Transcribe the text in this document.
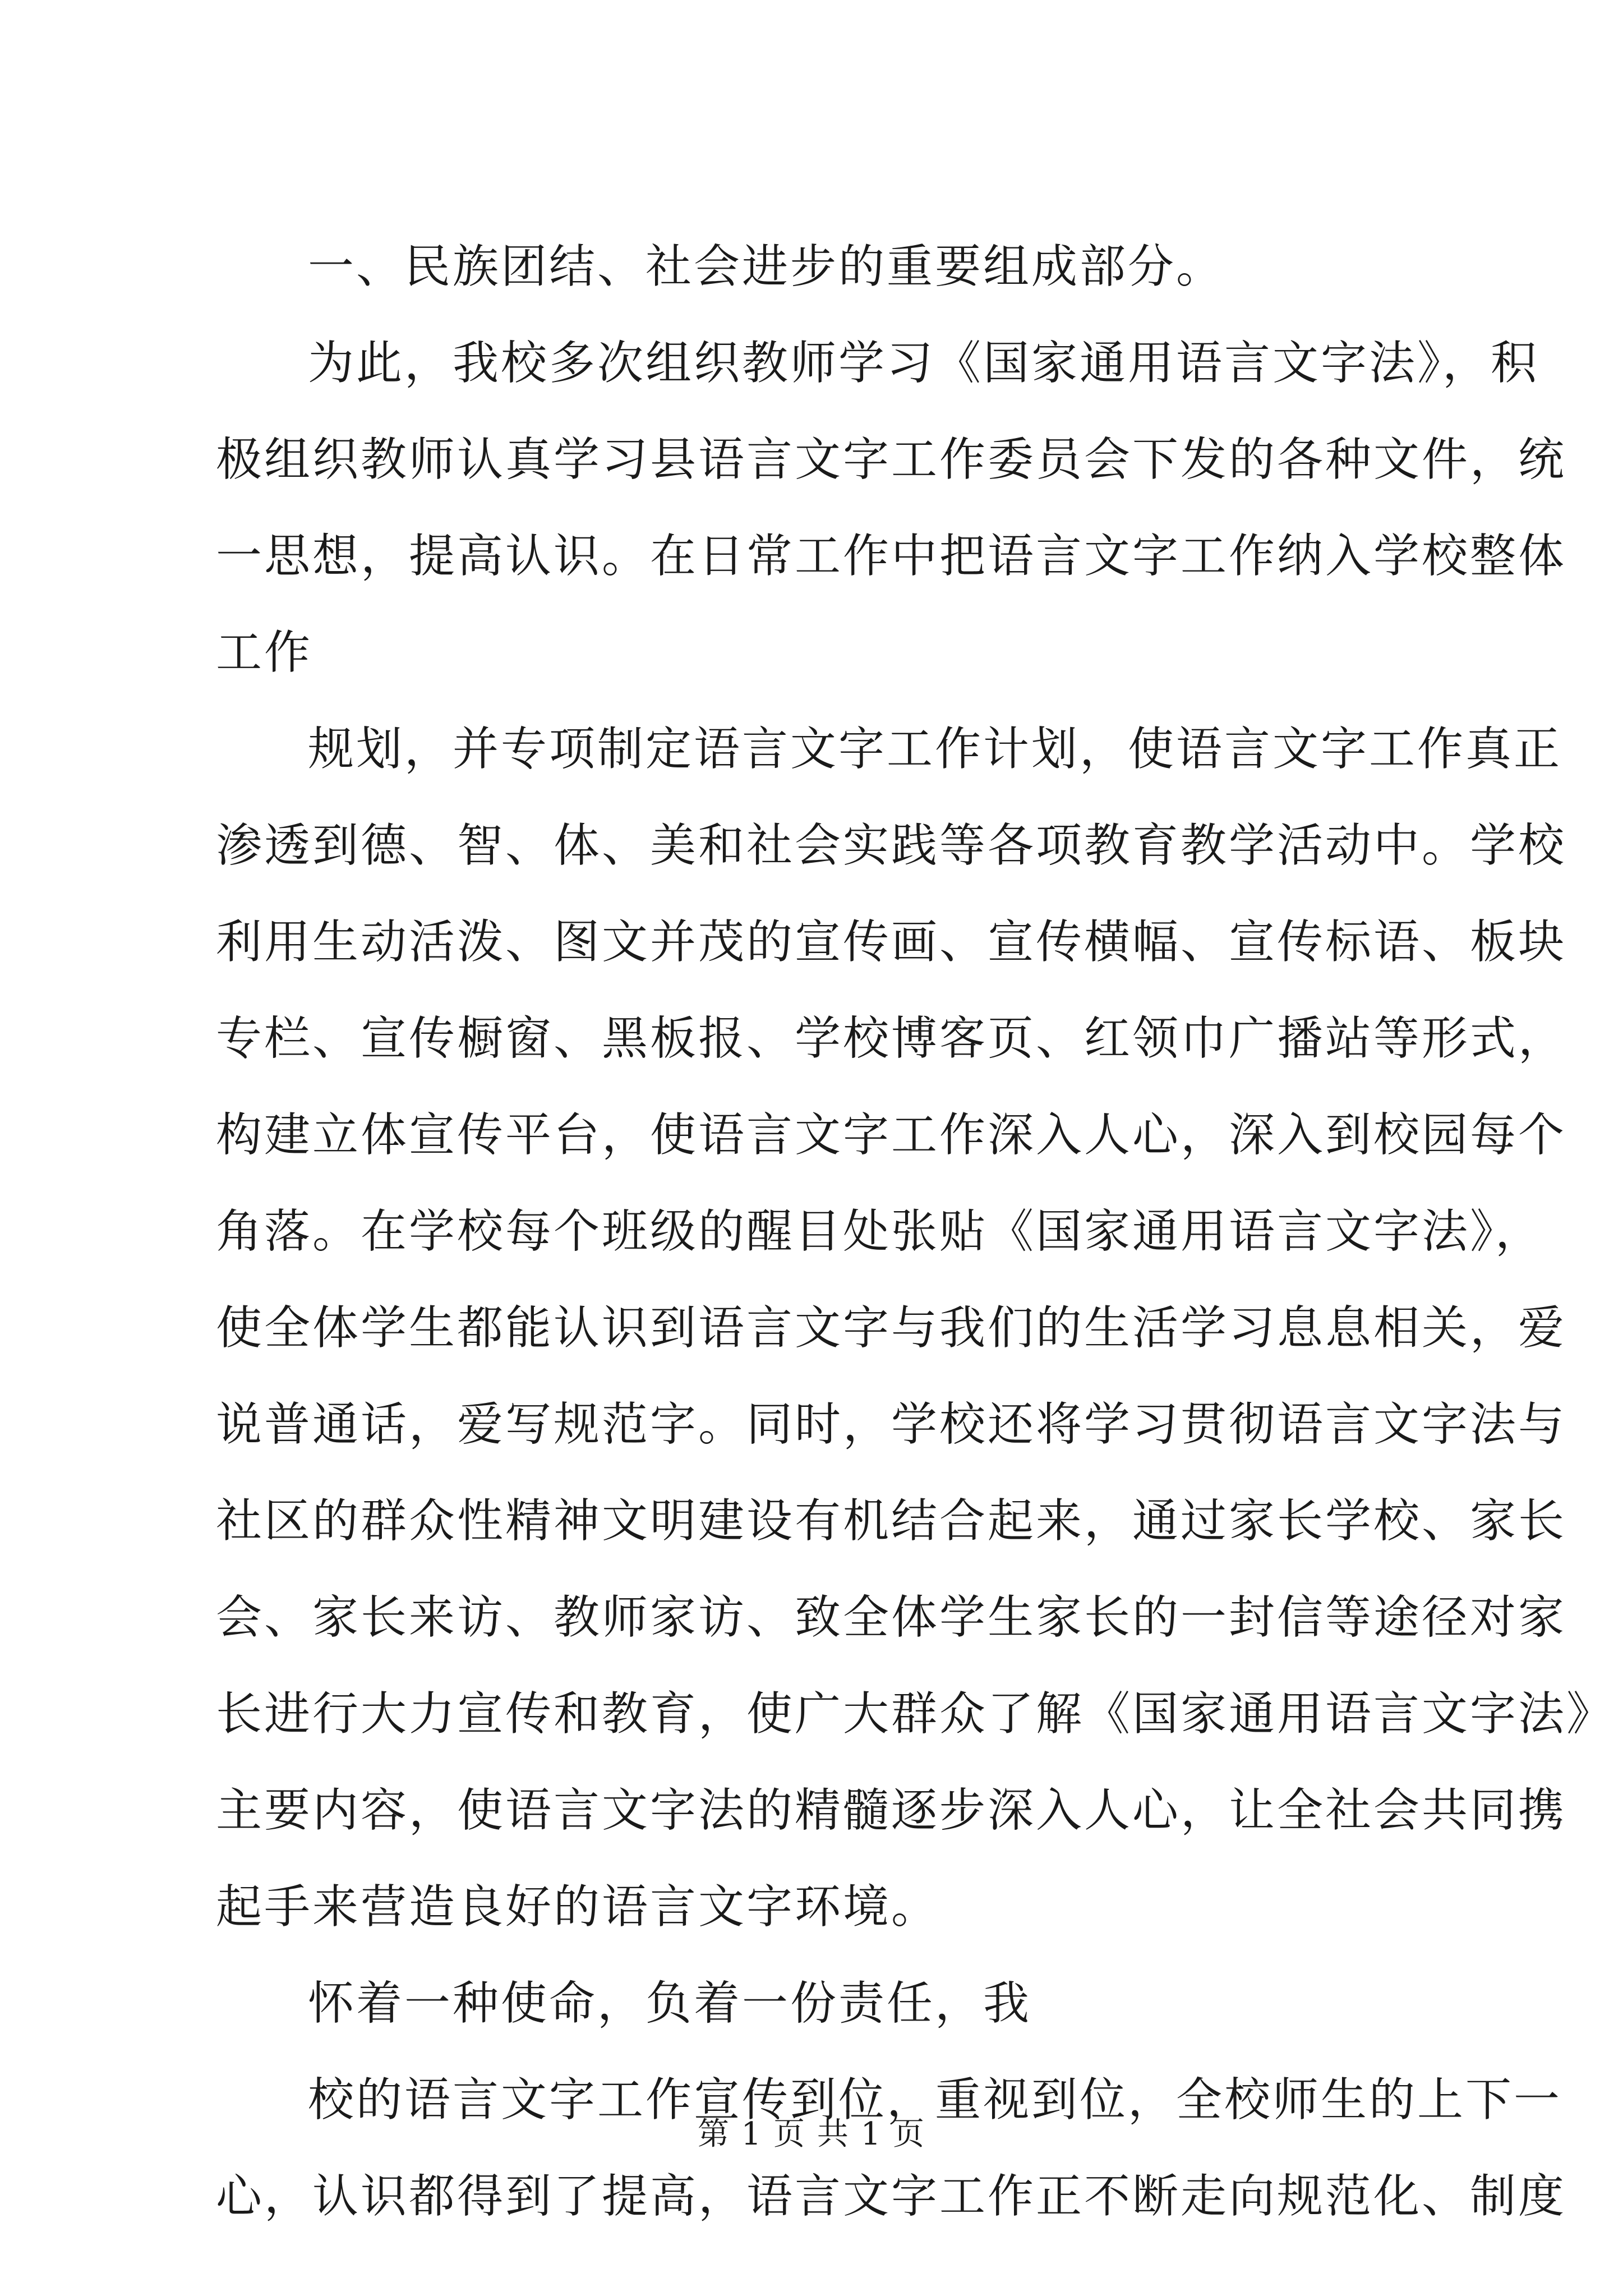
一、民族团结、社会进步的重要组成部分。
为此，我校多次组织教师学习《国家通用语言文字法》，积
极组织教师认真学习县语言文字工作委员会下发的各种文件，统
一思想，提高认识。在日常工作中把语言文字工作纳入学校整体
工作
规划，并专项制定语言文字工作计划，使语言文字工作真正
渗透到德、智、体、美和社会实践等各项教育教学活动中。学校
利用生动活泼、图文并茂的宣传画、宣传横幅、宣传标语、板块
专栏、宣传橱窗、黑板报、学校博客页、红领巾广播站等形式，
构建立体宣传平台，使语言文字工作深入人心，深入到校园每个
角落。在学校每个班级的醒目处张贴《国家通用语言文字法》，
使全体学生都能认识到语言文字与我们的生活学习息息相关，爱
说普通话，爱写规范字。同时，学校还将学习贯彻语言文字法与
社区的群众性精神文明建设有机结合起来，通过家长学校、家长
会、家长来访、教师家访、致全体学生家长的一封信等途径对家
长进行大力宣传和教育，使广大群众了解《国家通用语言文字法》
主要内容，使语言文字法的精髓逐步深入人心，让全社会共同携
起手来营造良好的语言文字环境。
怀着一种使命，负着一份责任，我
校的语言文字工作宣传到位，重视到位，全校师生的上下一
心，认识都得到了提高，语言文字工作正不断走向规范化、制度
第 1 页 共 1 页
